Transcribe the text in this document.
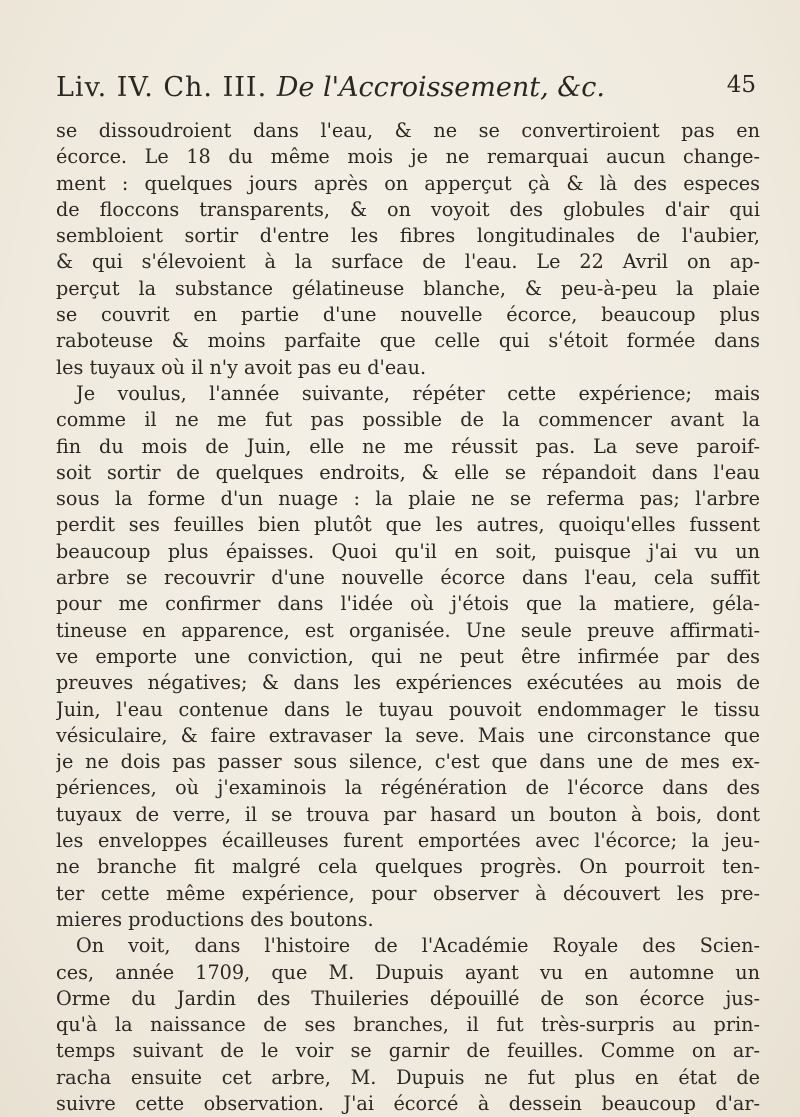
Liv. IV. Ch. III. De l'Accroissement, &c.	45
se dissoudroient dans l'eau, & ne se convertiroient pas en
écorce. Le 18 du même mois je ne remarquai aucun change-
ment : quelques jours après on apperçut çà & là des especes
de floccons transparents, & on voyoit des globules d'air qui
sembloient sortir d'entre les fibres longitudinales de l'aubier,
& qui s'élevoient à la surface de l'eau. Le 22 Avril on ap-
perçut la substance gélatineuse blanche, & peu-à-peu la plaie
se couvrit en partie d'une nouvelle écorce, beaucoup plus
raboteuse & moins parfaite que celle qui s'étoit formée dans
les tuyaux où il n'y avoit pas eu d'eau.
Je voulus, l'année suivante, répéter cette expérience; mais
comme il ne me fut pas possible de la commencer avant la
fin du mois de Juin, elle ne me réussit pas. La seve paroif-
soit sortir de quelques endroits, & elle se répandoit dans l'eau
sous la forme d'un nuage : la plaie ne se referma pas; l'arbre
perdit ses feuilles bien plutôt que les autres, quoiqu'elles fussent
beaucoup plus épaisses. Quoi qu'il en soit, puisque j'ai vu un
arbre se recouvrir d'une nouvelle écorce dans l'eau, cela suffit
pour me confirmer dans l'idée où j'étois que la matiere, géla-
tineuse en apparence, est organisée. Une seule preuve affirmati-
ve emporte une conviction, qui ne peut être infirmée par des
preuves négatives; & dans les expériences exécutées au mois de
Juin, l'eau contenue dans le tuyau pouvoit endommager le tissu
vésiculaire, & faire extravaser la seve. Mais une circonstance que
je ne dois pas passer sous silence, c'est que dans une de mes ex-
périences, où j'examinois la régénération de l'écorce dans des
tuyaux de verre, il se trouva par hasard un bouton à bois, dont
les enveloppes écailleuses furent emportées avec l'écorce; la jeu-
ne branche fit malgré cela quelques progrès. On pourroit ten-
ter cette même expérience, pour observer à découvert les pre-
mieres productions des boutons.
On voit, dans l'histoire de l'Académie Royale des Scien-
ces, année 1709, que M. Dupuis ayant vu en automne un
Orme du Jardin des Thuileries dépouillé de son écorce jus-
qu'à la naissance de ses branches, il fut très-surpris au prin-
temps suivant de le voir se garnir de feuilles. Comme on ar-
racha ensuite cet arbre, M. Dupuis ne fut plus en état de
suivre cette observation. J'ai écorcé à dessein beaucoup d'ar-
